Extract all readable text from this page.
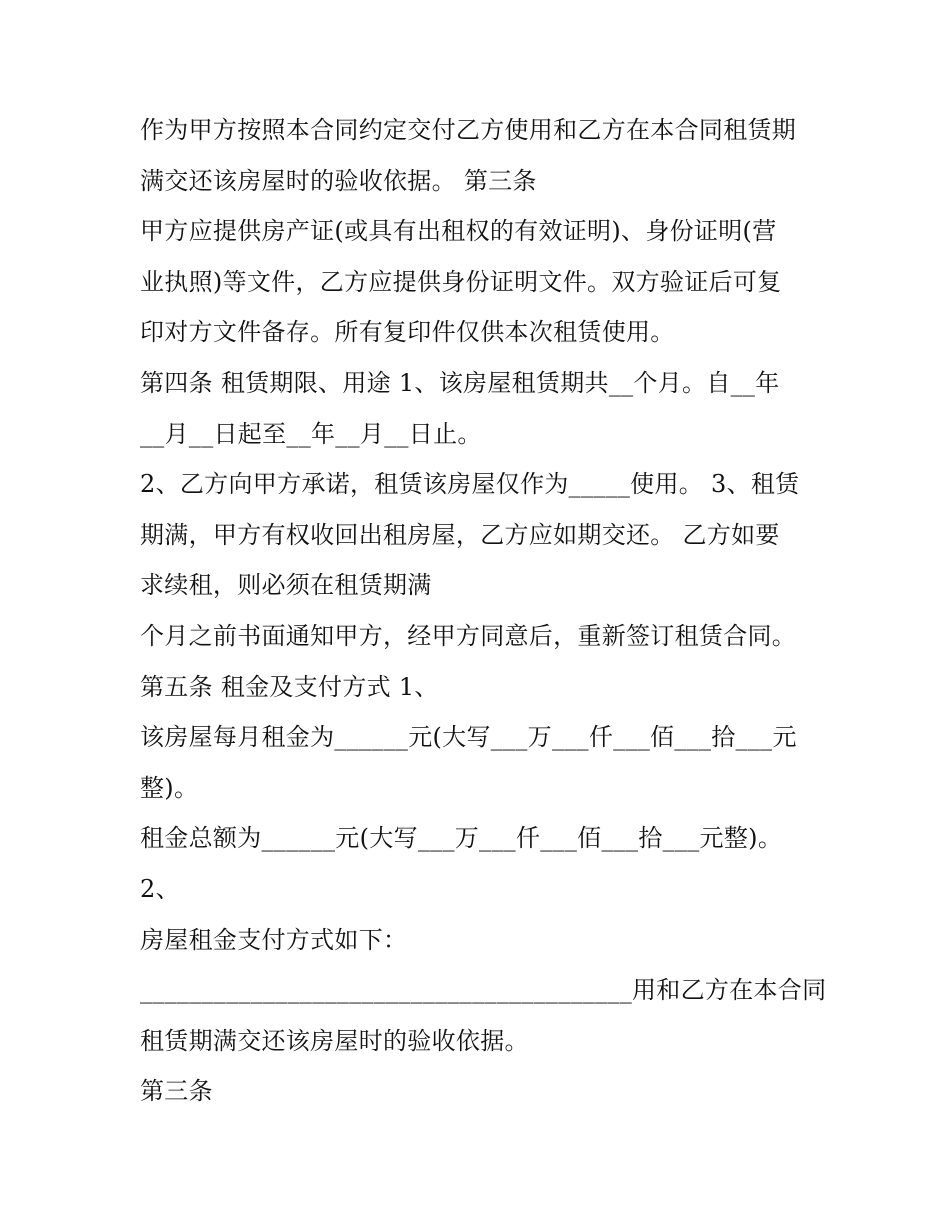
作为甲方按照本合同约定交付乙方使用和乙方在本合同租赁期
满交还该房屋时的验收依据。 第三条
甲方应提供房产证(或具有出租权的有效证明)、身份证明(营
业执照)等文件，乙方应提供身份证明文件。双方验证后可复
印对方文件备存。所有复印件仅供本次租赁使用。
第四条 租赁期限、用途 1、该房屋租赁期共__个月。自__年
__月__日起至__年__月__日止。
2、乙方向甲方承诺，租赁该房屋仅作为_____使用。 3、租赁
期满，甲方有权收回出租房屋，乙方应如期交还。 乙方如要
求续租，则必须在租赁期满
个月之前书面通知甲方，经甲方同意后，重新签订租赁合同。
第五条 租金及支付方式 1、
该房屋每月租金为______元(大写___万___仟___佰___拾___元
整)。
租金总额为______元(大写___万___仟___佰___拾___元整)。
2、
房屋租金支付方式如下：
________________________________________用和乙方在本合同
租赁期满交还该房屋时的验收依据。
第三条
